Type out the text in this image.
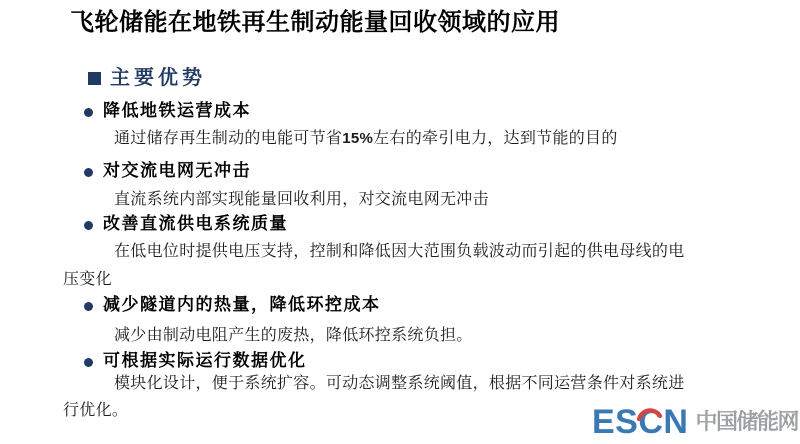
飞轮储能在地铁再生制动能量回收领域的应用
主要优势
降低地铁运营成本
通过储存再生制动的电能可节省15%左右的牵引电力，达到节能的目的
对交流电网无冲击
直流系统内部实现能量回收利用，对交流电网无冲击
改善直流供电系统质量
在低电位时提供电压支持，控制和降低因大范围负载波动而引起的供电母线的电
压变化
减少隧道内的热量，降低环控成本
减少由制动电阻产生的废热，降低环控系统负担。
可根据实际运行数据优化
模块化设计，便于系统扩容。可动态调整系统阈值，根据不同运营条件对系统进
行优化。	ES C N 中国储能网
